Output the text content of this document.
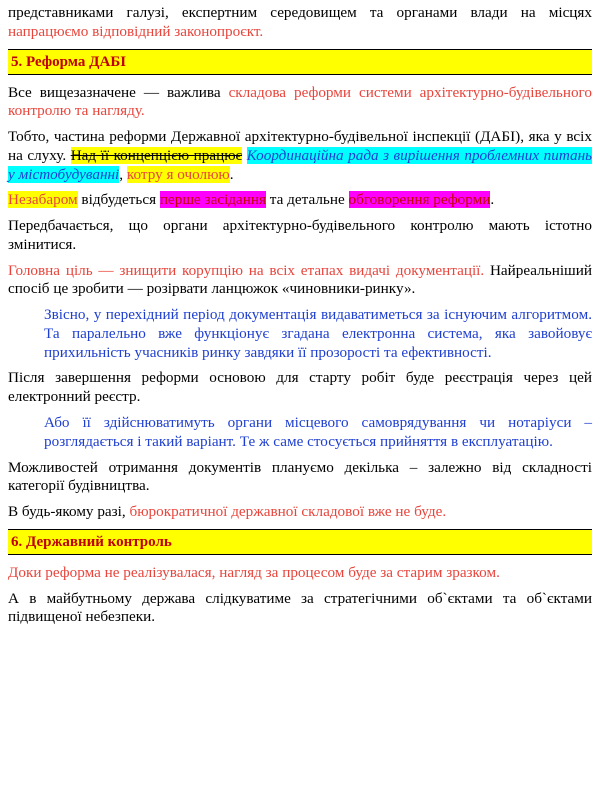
представниками галузі, експертним середовищем та органами влади на місцях напрацюємо відповідний законопроєкт.

5. Реформа ДАБІ

Все вищезазначене — важлива складова реформи системи архітектурно-будівельного контролю та нагляду.

Тобто, частина реформи Державної архітектурно-будівельної інспекції (ДАБІ), яка у всіх на слуху. Над її концепцією працює Координаційна рада з вирішення проблемних питань у містобудуванні, котру я очолюю.

Незабаром відбудеться перше засідання та детальне обговорення реформи.

Передбачається, що органи архітектурно-будівельного контролю мають істотно змінитися.

Головна ціль — знищити корупцію на всіх етапах видачі документації. Найреальніший спосіб це зробити — розірвати ланцюжок «чиновники-ринку».

Звісно, у перехідний період документація видаватиметься за існуючим алгоритмом. Та паралельно вже функціонує згадана електронна система, яка завойовує прихильність учасників ринку завдяки її прозорості та ефективності.

Після завершення реформи основою для старту робіт буде реєстрація через цей електронний реєстр.

Або її здійснюватимуть органи місцевого самоврядування чи нотаріуси – розглядається і такий варіант. Те ж саме стосується прийняття в експлуатацію.

Можливостей отримання документів плануємо декілька – залежно від складності категорії будівництва.

В будь-якому разі, бюрократичної державної складової вже не буде.

6. Державний контроль

Доки реформа не реалізувалася, нагляд за процесом буде за старим зразком.

А в майбутньому держава слідкуватиме за стратегічними об`єктами та об`єктами підвищеної небезпеки.
